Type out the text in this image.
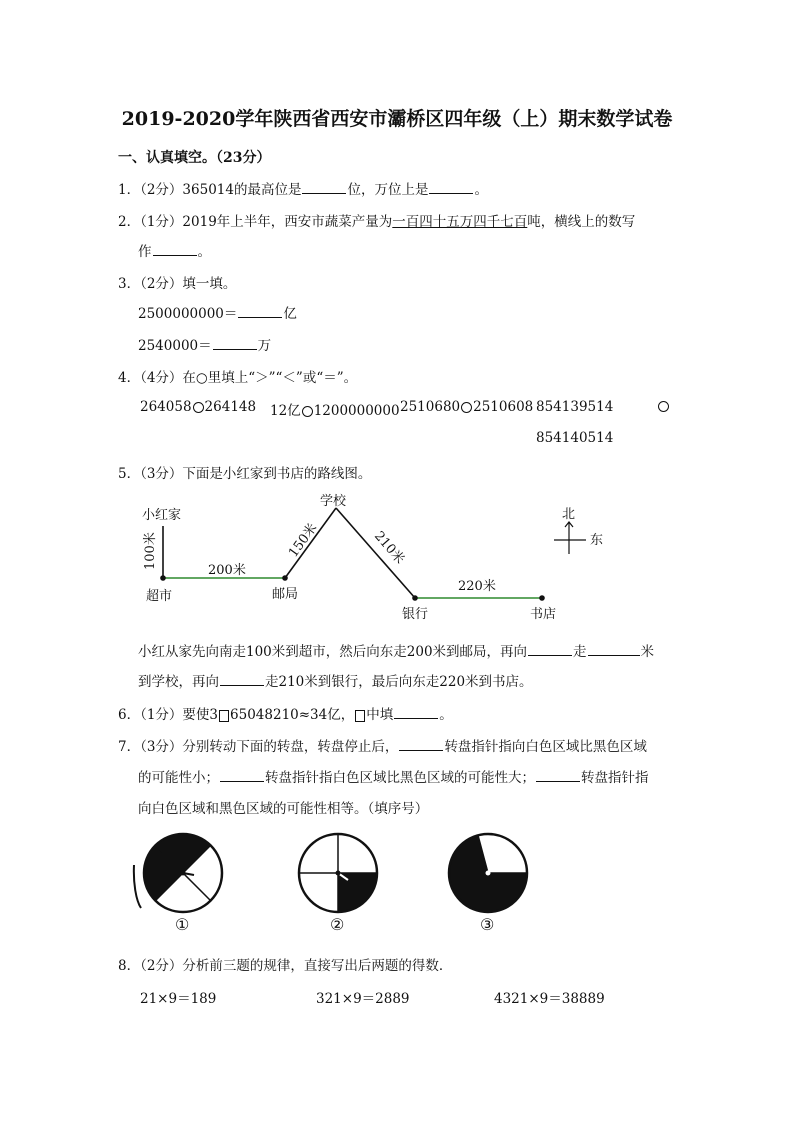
2019-2020学年陕西省西安市灞桥区四年级（上）期末数学试卷
一、认真填空。（23分）
1．（2分）365014的最高位是	位，万位上是	。
2．（1分）2019年上半年，西安市蔬菜产量为一百四十五万四千七百吨，横线上的数写
作	。
3．（2分）填一填。
2500000000＝	亿
2540000＝	万
4．（4分）在○里填上“＞”“＜”或“＝”。
264058 264148 12亿 1200000000 2510680 2510608 854139514
854140514
5．（3分）下面是小红家到书店的路线图。
小红家
超市	邮局
学校
银行	书店
200米
220米
100米	150米	210米
北
东
小红从家先向南走100米到超市，然后向东走200米到邮局，再向	走	米
到学校，再向	走210米到银行，最后向东走220米到书店。
6．（1分）要使3 65048210≈34亿， 中填	。
7．（3分）分别转动下面的转盘，转盘停止后，	转盘指针指向白色区域比黑色区域
的可能性小；	转盘指针指白色区域比黑色区域的可能性大；	转盘指针指
向白色区域和黑色区域的可能性相等。（填序号）
①	②	③
8．（2分）分析前三题的规律，直接写出后两题的得数．
21×9＝189	321×9＝2889	4321×9＝38889
